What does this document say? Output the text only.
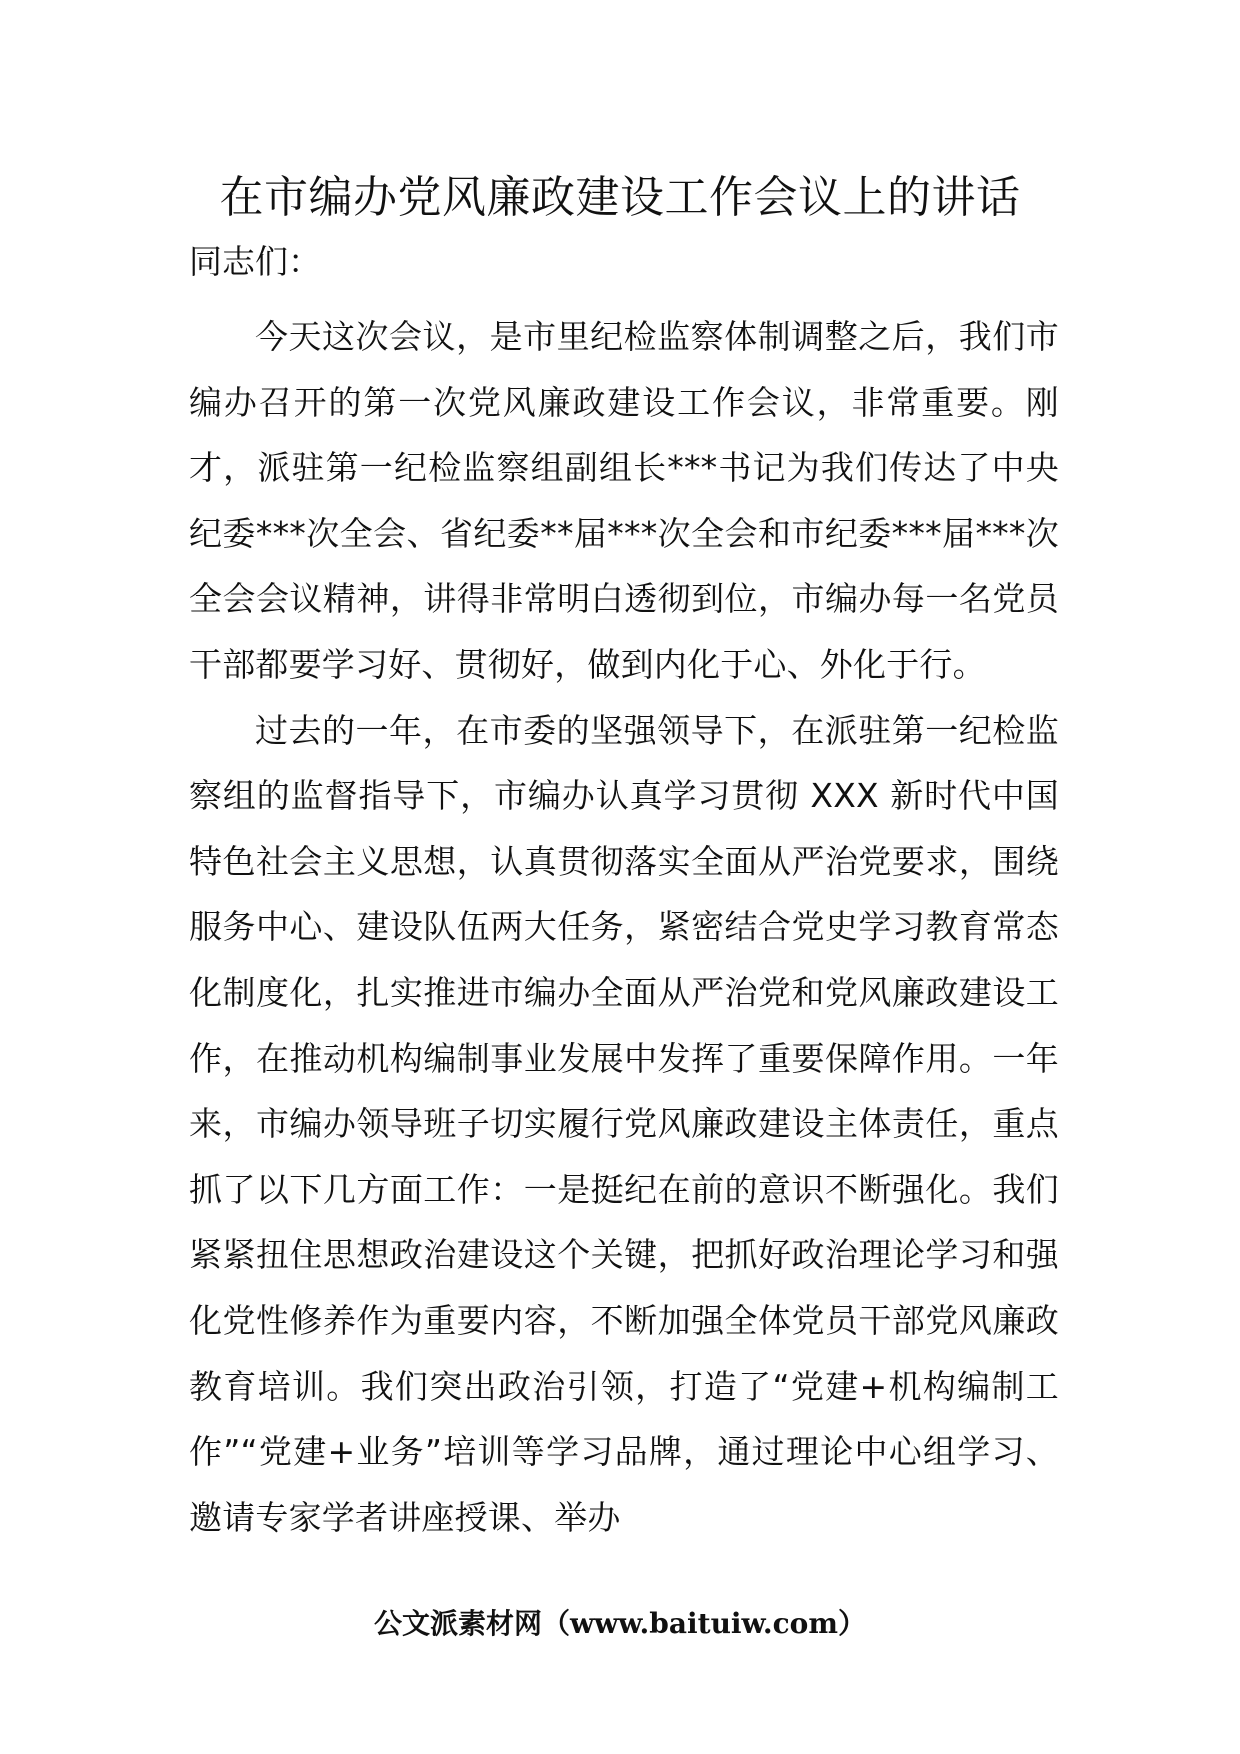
在市编办党风廉政建设工作会议上的讲话

同志们：

今天这次会议，是市里纪检监察体制调整之后，我们市编办召开的第一次党风廉政建设工作会议，非常重要。刚才，派驻第一纪检监察组副组长***书记为我们传达了中央纪委***次全会、省纪委**届***次全会和市纪委***届***次全会会议精神，讲得非常明白透彻到位，市编办每一名党员干部都要学习好、贯彻好，做到内化于心、外化于行。

过去的一年，在市委的坚强领导下，在派驻第一纪检监察组的监督指导下，市编办认真学习贯彻 XXX 新时代中国特色社会主义思想，认真贯彻落实全面从严治党要求，围绕服务中心、建设队伍两大任务，紧密结合党史学习教育常态化制度化，扎实推进市编办全面从严治党和党风廉政建设工作，在推动机构编制事业发展中发挥了重要保障作用。一年来，市编办领导班子切实履行党风廉政建设主体责任，重点抓了以下几方面工作：一是挺纪在前的意识不断强化。我们紧紧扭住思想政治建设这个关键，把抓好政治理论学习和强化党性修养作为重要内容，不断加强全体党员干部党风廉政教育培训。我们突出政治引领，打造了“党建+机构编制工作”“党建+业务”培训等学习品牌，通过理论中心组学习、邀请专家学者讲座授课、举办

公文派素材网（www.baituiw.com）
